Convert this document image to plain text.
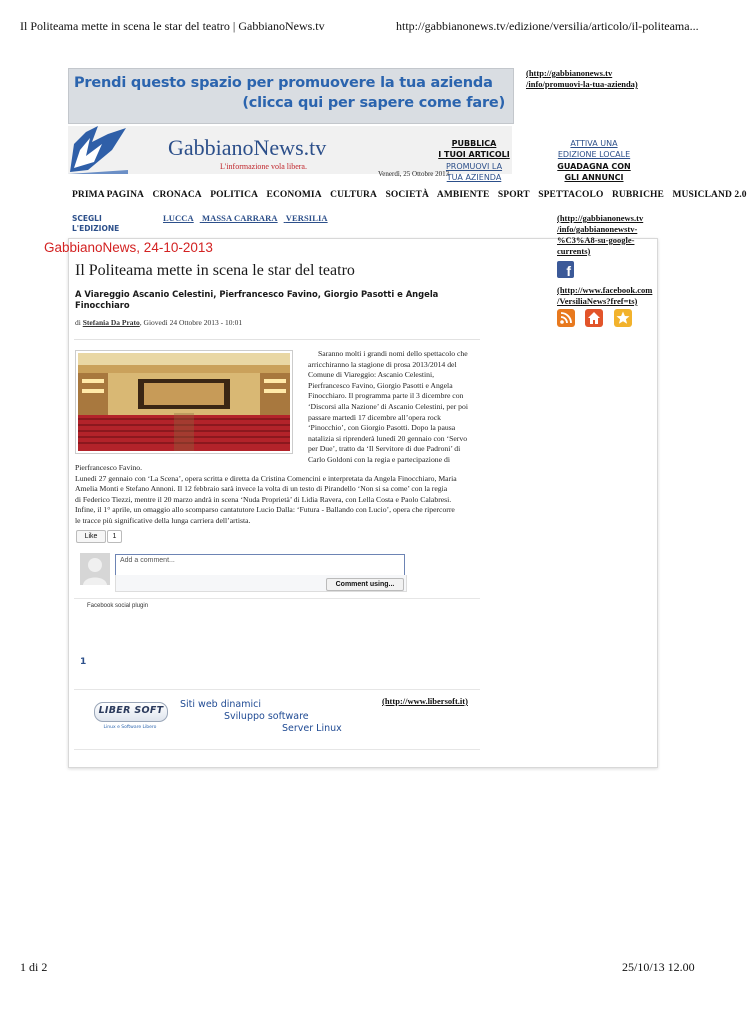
Il Politeama mette in scena le star del teatro | GabbianoNews.tv	http://gabbianonews.tv/edizione/versilia/articolo/il-politeama...
Prendi questo spazio per promuovere la tua azienda
(clicca qui per sapere come fare)
(http://gabbianonews.tv
/info/promuovi-la-tua-azienda)
GabbianoNews.tv
L'informazione vola libera.
Venerdì, 25 Ottobre 2013
PUBBLICA
I TUOI ARTICOLI
PROMUOVI LA
TUA AZIENDA
ATTIVA UNA
EDIZIONE LOCALE
GUADAGNA CON
GLI ANNUNCI
PRIMA PAGINA CRONACA POLITICA ECONOMIA CULTURA SOCIETÀ AMBIENTE SPORT SPETTACOLO RUBRICHE MUSICLAND 2.0
SCEGLI
L'EDIZIONE
LUCCA MASSA CARRARA VERSILIA
GabbianoNews, 24-10-2013
(http://gabbianonews.tv
/info/gabbianonewstv-
%C3%A8-su-google-
currents)
f
(http://www.facebook.com
/VersiliaNews?fref=ts)
Il Politeama mette in scena le star del teatro
A Viareggio Ascanio Celestini, Pierfrancesco Favino, Giorgio Pasotti e Angela Finocchiaro
di Stefania Da Prato, Giovedì 24 Ottobre 2013 - 10:01
Saranno molti i grandi nomi dello spettacolo che
arricchiranno la stagione di prosa 2013/2014 del
Comune di Viareggio: Ascanio Celestini,
Pierfrancesco Favino, Giorgio Pasotti e Angela
Finocchiaro. Il programma parte il 3 dicembre con
‘Discorsi alla Nazione’ di Ascanio Celestini, per poi
passare martedì 17 dicembre all’opera rock
‘Pinocchio’, con Giorgio Pasotti. Dopo la pausa
natalizia si riprenderà lunedì 20 gennaio con ‘Servo
per Due’, tratto da ‘Il Servitore di due Padroni’ di
Carlo Goldoni con la regia e partecipazione di
Pierfrancesco Favino.
Lunedì 27 gennaio con ‘La Scena’, opera scritta e diretta da Cristina Comencini e interpretata da Angela Finocchiaro, Maria
Amelia Monti e Stefano Annoni. Il 12 febbraio sarà invece la volta di un testo di Pirandello ‘Non si sa come’ con la regia
di Federico Tiezzi, mentre il 20 marzo andrà in scena ‘Nuda Proprietà’ di Lidia Ravera, con Lella Costa e Paolo Calabresi.
Infine, il 1° aprile, un omaggio allo scomparso cantatutore Lucio Dalla: ‘Futura - Ballando con Lucio’, opera che ripercorre
le tracce più significative della lunga carriera dell’artista.
Like	1
Add a comment...
Comment using...
Facebook social plugin
1
LIBER SOFT
Linux e Software Libero
Siti web dinamici
Sviluppo software
Server Linux
(http://www.libersoft.it)
1 di 2	25/10/13 12.00
